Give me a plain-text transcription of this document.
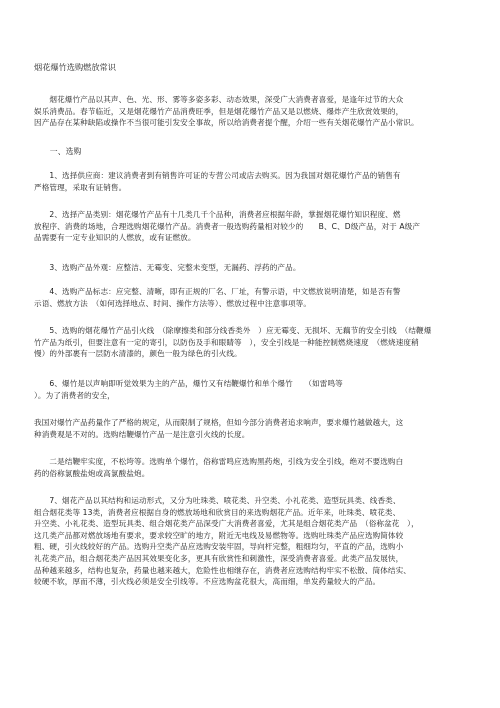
烟花爆竹选购燃放常识
　　烟花爆竹产品以其声、色、光、形、雾等多姿多彩、动态效果，深受广大消费者喜爱，是逢年过节的大众
娱乐消费品。春节临近，又是烟花爆竹产品消费旺季，但是烟花爆竹产品又是以燃烧、爆炸产生欣赏效果的，
因产品存在某种缺陷或操作不当很可能引发安全事故，所以给消费者提个醒，介绍一些有关烟花爆竹产品小常识。
　　一、选购
　　1、选择供应商：建议消费者到有销售许可证的专营公司或店去购买。因为我国对烟花爆竹产品的销售有
严格管理，采取有证销售。
　　2、选择产品类别：烟花爆竹产品有十几类几千个品种，消费者应根据年龄，掌握烟花爆竹知识程度、燃
放程序、消费的场地，合理选购烟花爆竹产品。消费者一般选购药量相对较少的　　B、C、D级产品，对于 A级产
品需要有一定专业知识的人燃放，或有证燃放。
　　3、选购产品外观：应整洁、无霉变、完整未变型，无漏药、浮药的产品。
　　4、选购产品标志：应完整、清晰，即有正规的厂名、厂址，有警示语，中文燃放说明清楚，如是否有警
示语、燃放方法　（如何选择地点、时间、操作方法等）、燃放过程中注意事项等。
　　5、选购的烟花爆竹产品引火线　（除摩擦类和部分线香类外　）应无霉变、无损坏、无藕节的安全引线　（结鞭爆
竹产品为纸引，但要注意有一定的寄引，以防伤及手和眼睛等　），安全引线是一种能控制燃烧速度　（燃烧速度稍
慢）的外部裹有一层防水清漆的，颜色一般为绿色的引火线。
　　6、爆竹是以声响即听觉效果为主的产品，爆竹又有结鞭爆竹和单个爆竹　　（如雷鸣等
）。为了消费者的安全，
我国对爆竹产品药量作了严格的规定，从而限制了规格，但如今部分消费者追求响声，要求爆竹越做越大，这
种消费观是不对的。选购结鞭爆竹产品一是注意引火线的长度。
　　二是结鞭牢实度，不松垮等。选购单个爆竹，俗称雷鸣应选购黑药炮，引线为安全引线，绝对不要选购白
药的俗称氯酸盐炮或高氯酸盐炮。
　　7、烟花产品以其结构和运动形式，又分为吐珠类、喷花类、升空类、小礼花类、造型玩具类、线香类、
组合烟花类等 13类，消费者应根据自身的燃放场地和欣赏目的来选购烟花产品。近年来，吐珠类、喷花类、
升空类、小礼花类、造型玩具类、组合烟花类产品深受广大消费者喜爱，尤其是组合烟花类产品　（俗称盆花　），
这几类产品都对燃放场地有要求，要求较空旷的地方，附近无电线及易燃物等。选购吐珠类产品应选购简体较
粗、硬，引火线较好的产品。选购升空类产品应选购安装牢固，导向杆完整，粗细均匀，平直的产品，选购小
礼花类产品，组合烟花类产品因其效果变化多，更具有欣赏性和刺激性，深受消费者喜爱。此类产品发展快，
品种越来越多，结构也复杂，药量也越来越大，危险性也相继存在，消费者应选购结构牢实不松散、筒体结实、
较硬不软，厚而不薄，引火线必须是安全引线等。不应选购盆花很大，高而细，单发药量较大的产品。
